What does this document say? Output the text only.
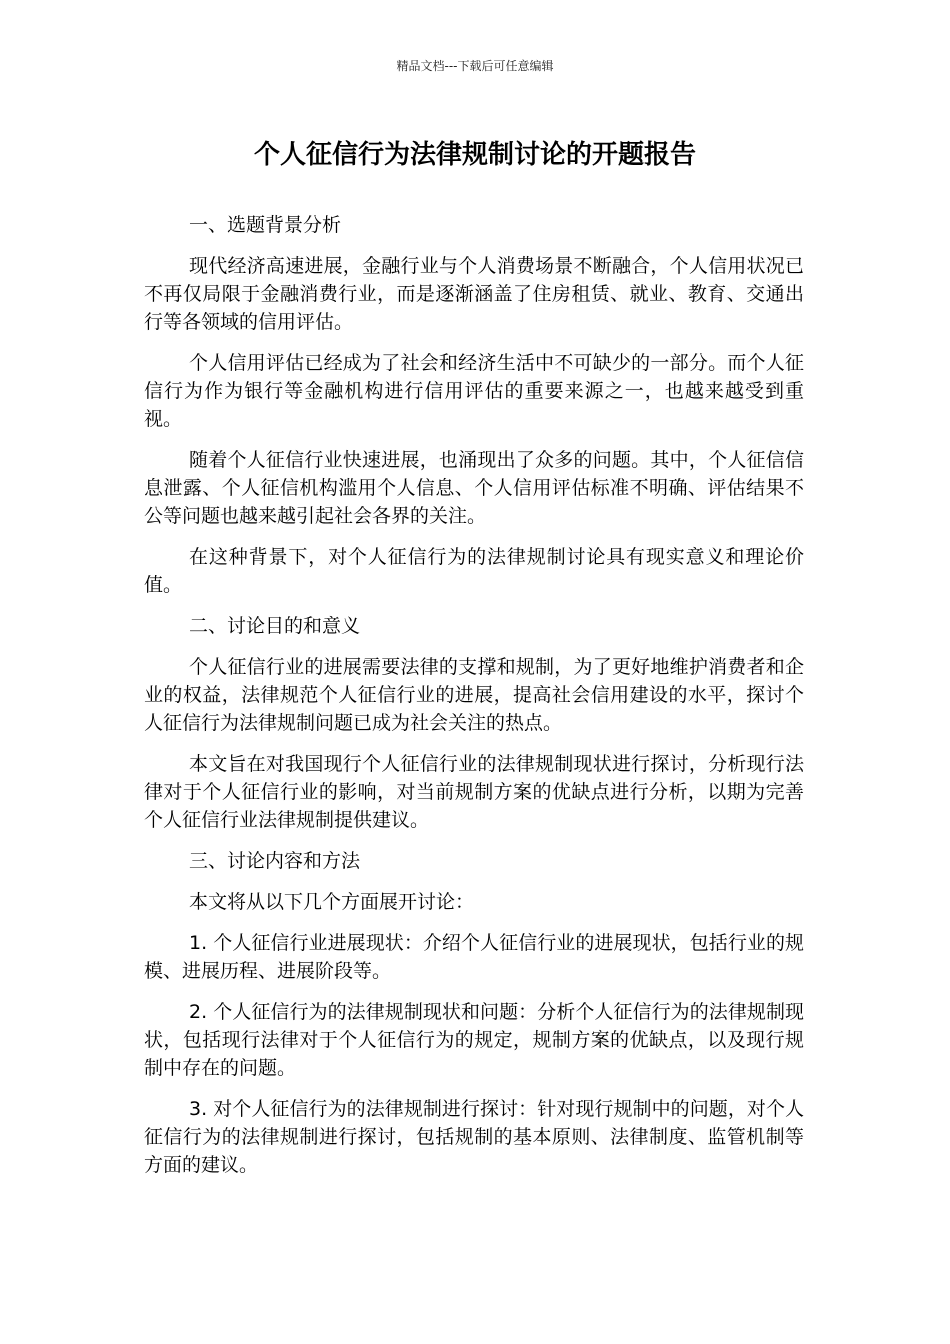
精品文档---下载后可任意编辑
个人征信行为法律规制讨论的开题报告

一、选题背景分析

现代经济高速进展，金融行业与个人消费场景不断融合，个人信用状况已不再仅局限于金融消费行业，而是逐渐涵盖了住房租赁、就业、教育、交通出行等各领域的信用评估。

个人信用评估已经成为了社会和经济生活中不可缺少的一部分。而个人征信行为作为银行等金融机构进行信用评估的重要来源之一，也越来越受到重视。

随着个人征信行业快速进展，也涌现出了众多的问题。其中，个人征信信息泄露、个人征信机构滥用个人信息、个人信用评估标准不明确、评估结果不公等问题也越来越引起社会各界的关注。

在这种背景下，对个人征信行为的法律规制讨论具有现实意义和理论价值。

二、讨论目的和意义

个人征信行业的进展需要法律的支撑和规制，为了更好地维护消费者和企业的权益，法律规范个人征信行业的进展，提高社会信用建设的水平，探讨个人征信行为法律规制问题已成为社会关注的热点。

本文旨在对我国现行个人征信行业的法律规制现状进行探讨，分析现行法律对于个人征信行业的影响，对当前规制方案的优缺点进行分析，以期为完善个人征信行业法律规制提供建议。

三、讨论内容和方法

本文将从以下几个方面展开讨论：

1. 个人征信行业进展现状：介绍个人征信行业的进展现状，包括行业的规模、进展历程、进展阶段等。

2. 个人征信行为的法律规制现状和问题：分析个人征信行为的法律规制现状，包括现行法律对于个人征信行为的规定，规制方案的优缺点，以及现行规制中存在的问题。

3. 对个人征信行为的法律规制进行探讨：针对现行规制中的问题，对个人征信行为的法律规制进行探讨，包括规制的基本原则、法律制度、监管机制等方面的建议。
